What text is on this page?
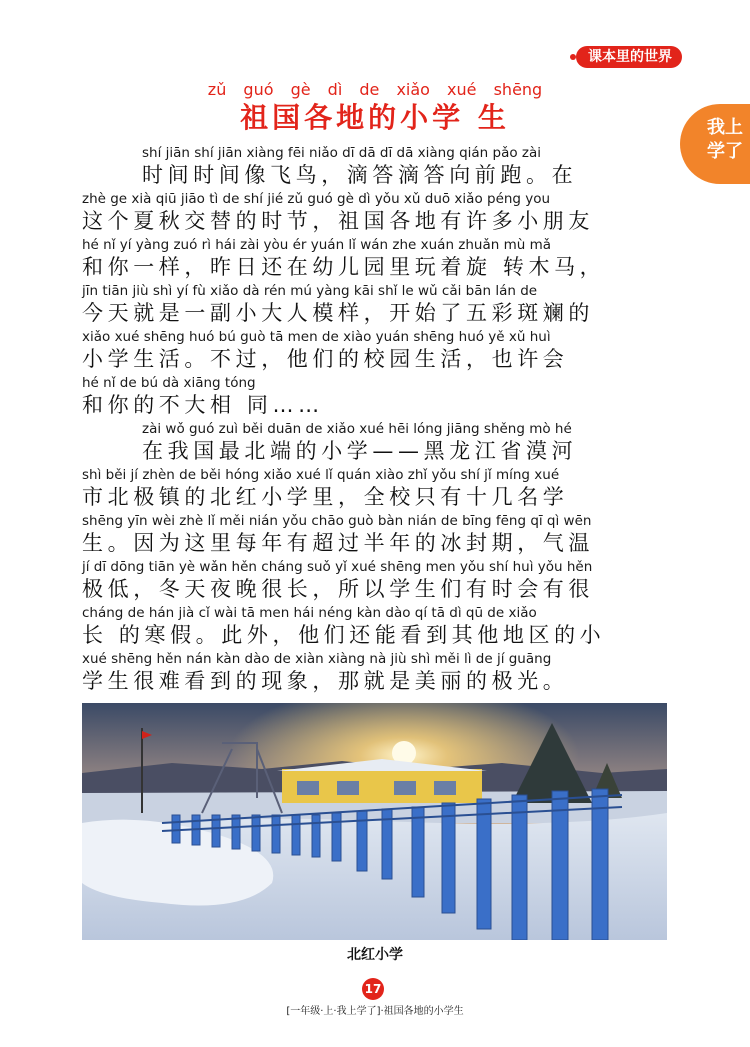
课本里的世界
我上
学了
zǔ guó gè dì de xiǎo xué shēng
祖国各地的小学 生
shí jiān shí jiān xiàng fēi niǎo dī dā dī dā xiàng qián pǎo zài
时间时间像飞鸟，滴答滴答向前跑。在
zhè ge xià qiū jiāo tì de shí jié zǔ guó gè dì yǒu xǔ duō xiǎo péng you
这个夏秋交替的时节，祖国各地有许多小朋友
hé nǐ yí yàng zuó rì hái zài yòu ér yuán lǐ wán zhe xuán zhuǎn mù mǎ
和你一样，昨日还在幼儿园里玩着旋 转木马，
jīn tiān jiù shì yí fù xiǎo dà rén mú yàng kāi shǐ le wǔ cǎi bān lán de
今天就是一副小大人模样，开始了五彩斑斓的
xiǎo xué shēng huó bú guò tā men de xiào yuán shēng huó yě xǔ huì
小学生活。不过，他们的校园生活，也许会
hé nǐ de bú dà xiāng tóng
和你的不大相 同……
zài wǒ guó zuì běi duān de xiǎo xué hēi lóng jiāng shěng mò hé
在我国最北端的小学——黑龙江省漠河
shì běi jí zhèn de běi hóng xiǎo xué lǐ quán xiào zhǐ yǒu shí jǐ míng xué
市北极镇的北红小学里，全校只有十几名学
shēng yīn wèi zhè lǐ měi nián yǒu chāo guò bàn nián de bīng fēng qī qì wēn
生。因为这里每年有超过半年的冰封期，气温
jí dī dōng tiān yè wǎn hěn cháng suǒ yǐ xué shēng men yǒu shí huì yǒu hěn
极低，冬天夜晚很长，所以学生们有时会有很
cháng de hán jià cǐ wài tā men hái néng kàn dào qí tā dì qū de xiǎo
长 的寒假。此外，他们还能看到其他地区的小
xué shēng hěn nán kàn dào de xiàn xiàng nà jiù shì měi lì de jí guāng
学生很难看到的现象，那就是美丽的极光。
北红小学
17
[一年级·上·我上学了]·祖国各地的小学生
